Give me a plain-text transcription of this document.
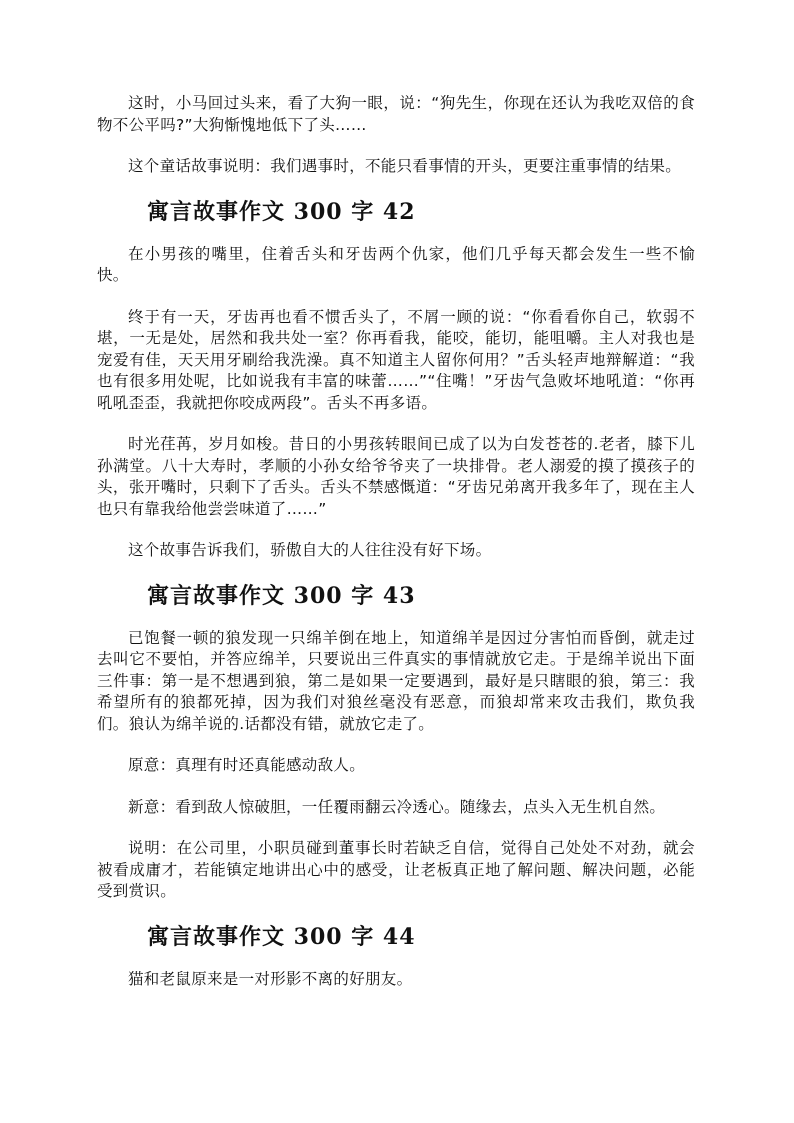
这时，小马回过头来，看了大狗一眼，说：“狗先生，你现在还认为我吃双倍的食物不公平吗?”大狗惭愧地低下了头……

这个童话故事说明：我们遇事时，不能只看事情的开头，更要注重事情的结果。

寓言故事作文 300 字 42

在小男孩的嘴里，住着舌头和牙齿两个仇家，他们几乎每天都会发生一些不愉快。

终于有一天，牙齿再也看不惯舌头了，不屑一顾的说：“你看看你自己，软弱不堪，一无是处，居然和我共处一室？你再看我，能咬，能切，能咀嚼。主人对我也是宠爱有佳，天天用牙刷给我洗澡。真不知道主人留你何用？”舌头轻声地辩解道：“我也有很多用处呢，比如说我有丰富的味蕾……”“住嘴！”牙齿气急败坏地吼道：“你再吼吼歪歪，我就把你咬成两段”。舌头不再多语。

时光荏苒，岁月如梭。昔日的小男孩转眼间已成了以为白发苍苍的.老者，膝下儿孙满堂。八十大寿时，孝顺的小孙女给爷爷夹了一块排骨。老人溺爱的摸了摸孩子的头，张开嘴时，只剩下了舌头。舌头不禁感慨道：“牙齿兄弟离开我多年了，现在主人也只有靠我给他尝尝味道了……”

这个故事告诉我们，骄傲自大的人往往没有好下场。

寓言故事作文 300 字 43

已饱餐一顿的狼发现一只绵羊倒在地上，知道绵羊是因过分害怕而昏倒，就走过去叫它不要怕，并答应绵羊，只要说出三件真实的事情就放它走。于是绵羊说出下面三件事：第一是不想遇到狼，第二是如果一定要遇到，最好是只瞎眼的狼，第三：我希望所有的狼都死掉，因为我们对狼丝毫没有恶意，而狼却常来攻击我们，欺负我们。狼认为绵羊说的.话都没有错，就放它走了。

原意：真理有时还真能感动敌人。

新意：看到敌人惊破胆，一任覆雨翻云冷透心。随缘去，点头入无生机自然。

说明：在公司里，小职员碰到董事长时若缺乏自信，觉得自己处处不对劲，就会被看成庸才，若能镇定地讲出心中的感受，让老板真正地了解问题、解决问题，必能受到赏识。

寓言故事作文 300 字 44

猫和老鼠原来是一对形影不离的好朋友。
